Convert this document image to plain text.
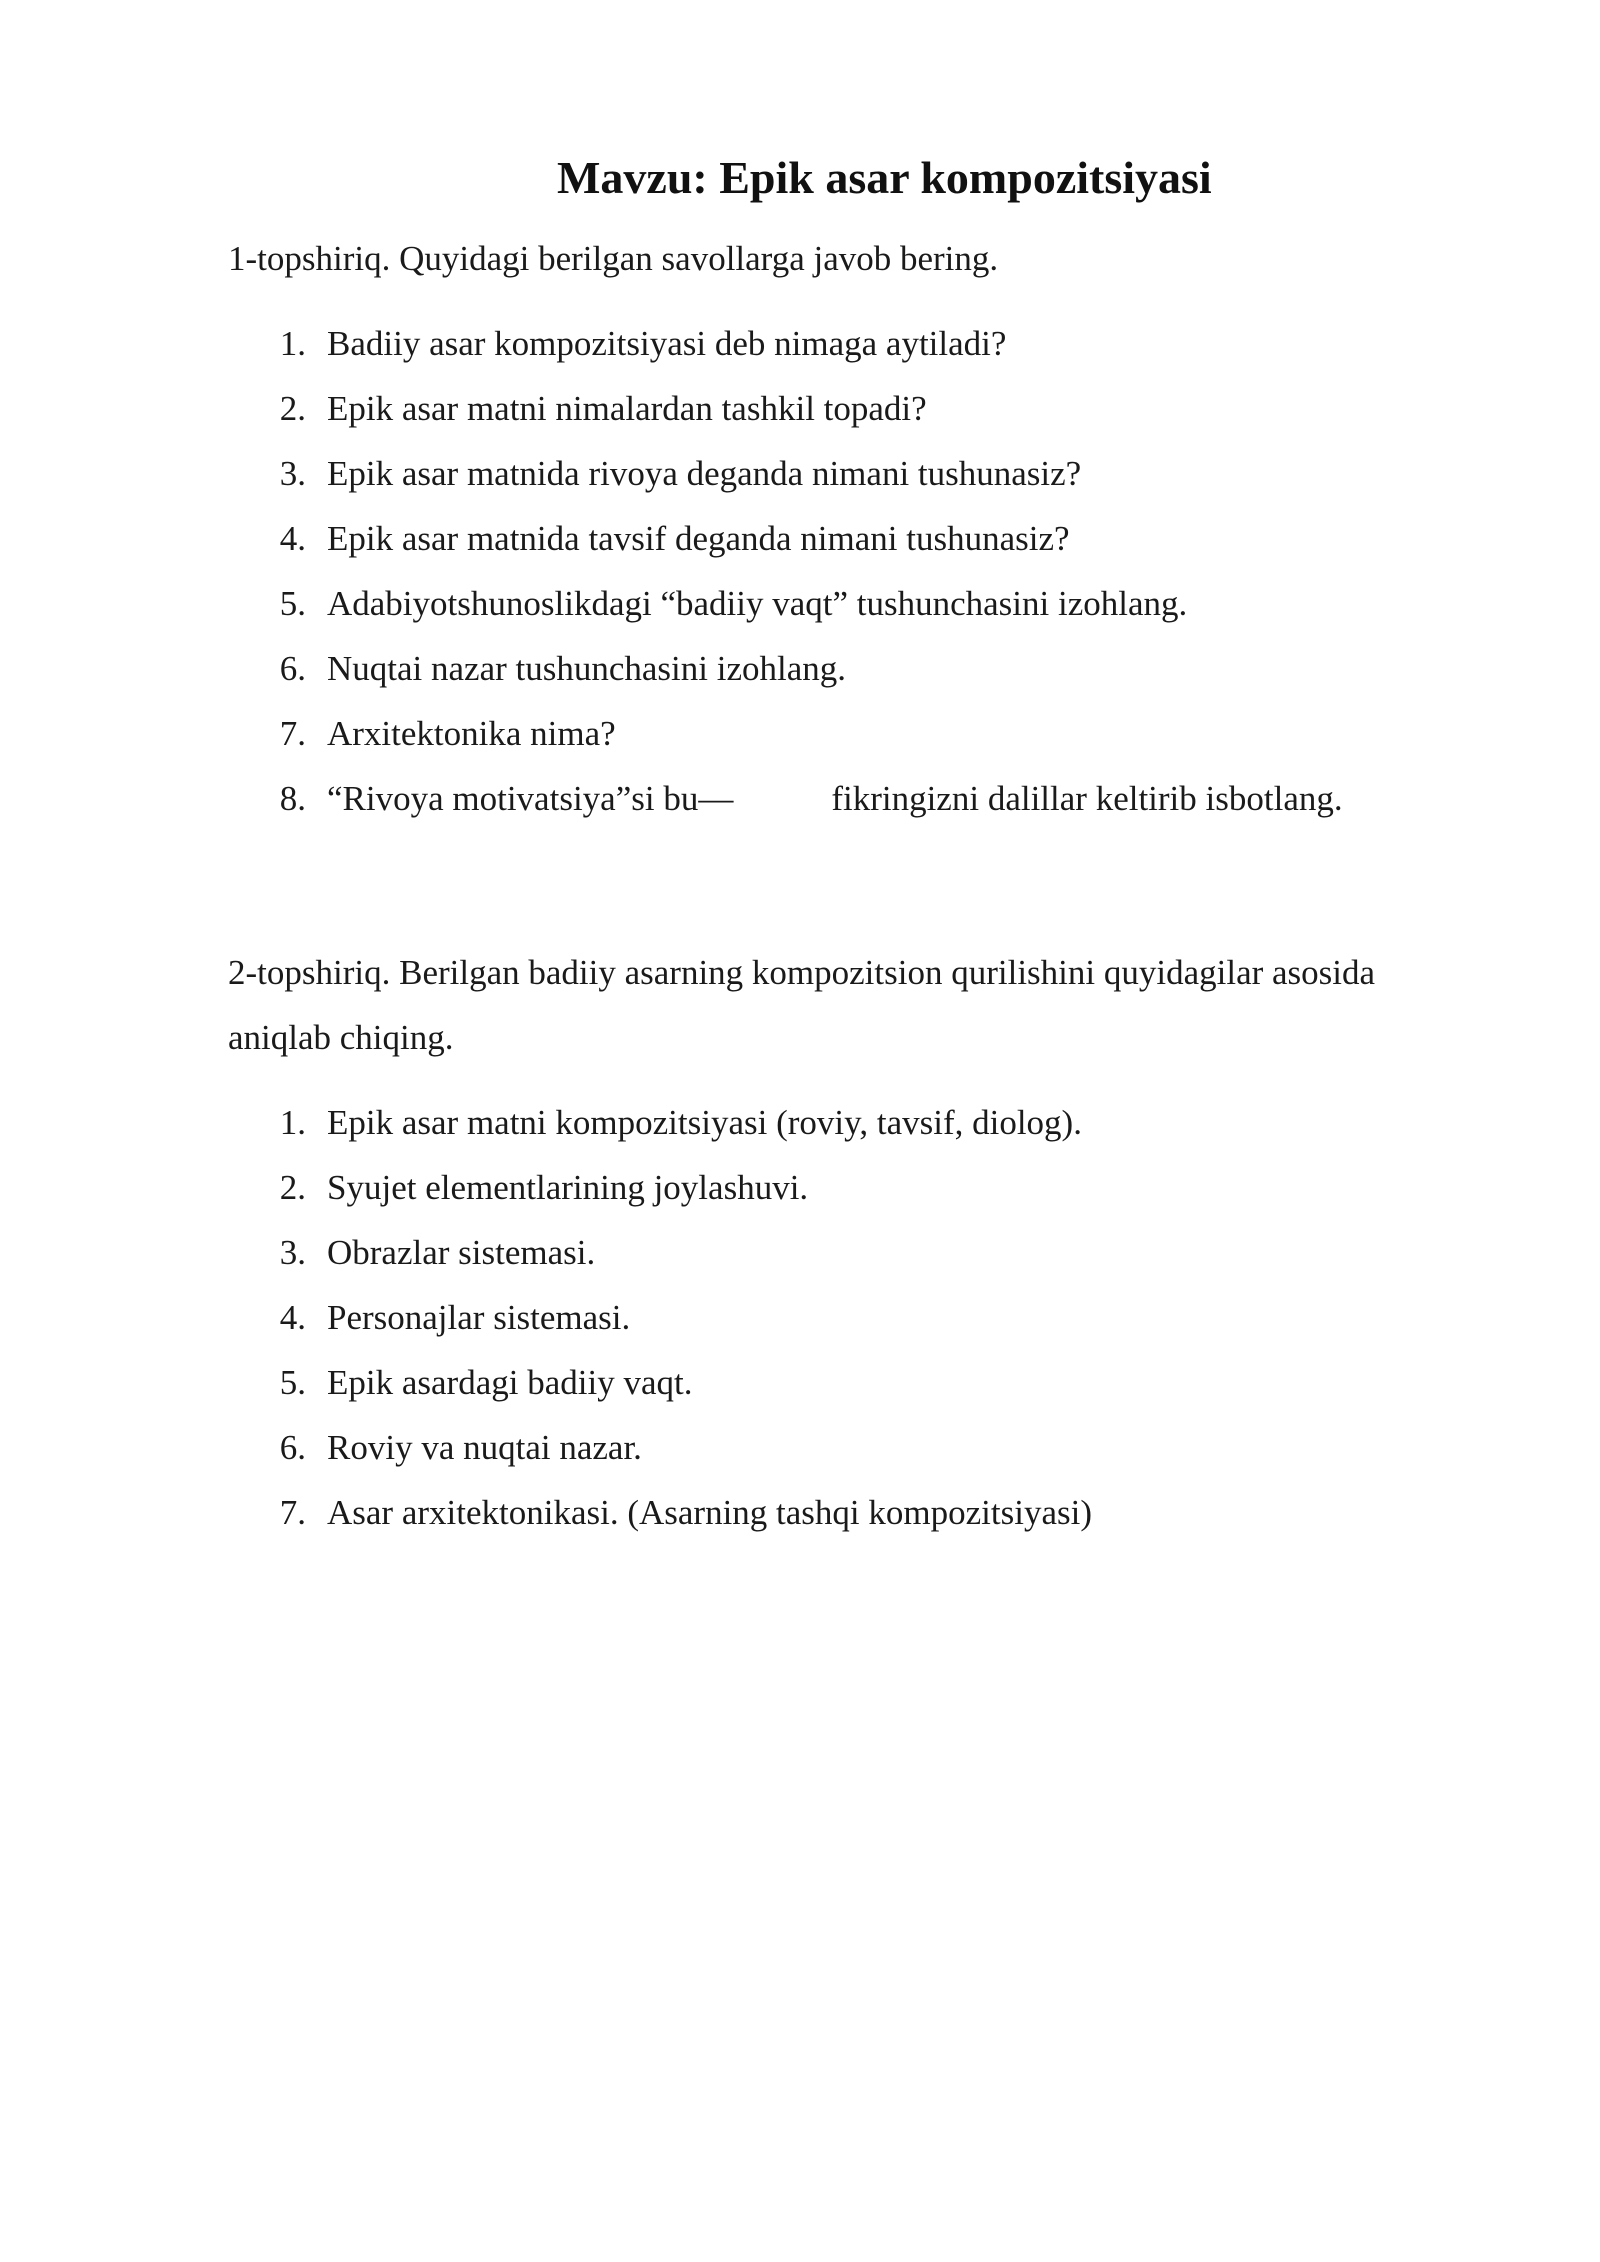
Mavzu: Epik asar kompozitsiyasi
1-topshiriq. Quyidagi berilgan savollarga javob bering.
1. Badiiy asar kompozitsiyasi deb nimaga aytiladi?
2. Epik asar matni nimalardan tashkil topadi?
3. Epik asar matnida rivoya deganda nimani tushunasiz?
4. Epik asar matnida tavsif deganda nimani tushunasiz?
5. Adabiyotshunoslikdagi “badiiy vaqt” tushunchasini izohlang.
6. Nuqtai nazar tushunchasini izohlang.
7. Arxitektonika nima?
8. “Rivoya motivatsiya”si bu—	fikringizni dalillar keltirib isbotlang.
2-topshiriq. Berilgan badiiy asarning kompozitsion qurilishini quyidagilar asosida aniqlab chiqing.
1. Epik asar matni kompozitsiyasi (roviy, tavsif, diolog).
2. Syujet elementlarining joylashuvi.
3. Obrazlar sistemasi.
4. Personajlar sistemasi.
5. Epik asardagi badiiy vaqt.
6. Roviy va nuqtai nazar.
7. Asar arxitektonikasi. (Asarning tashqi kompozitsiyasi)
